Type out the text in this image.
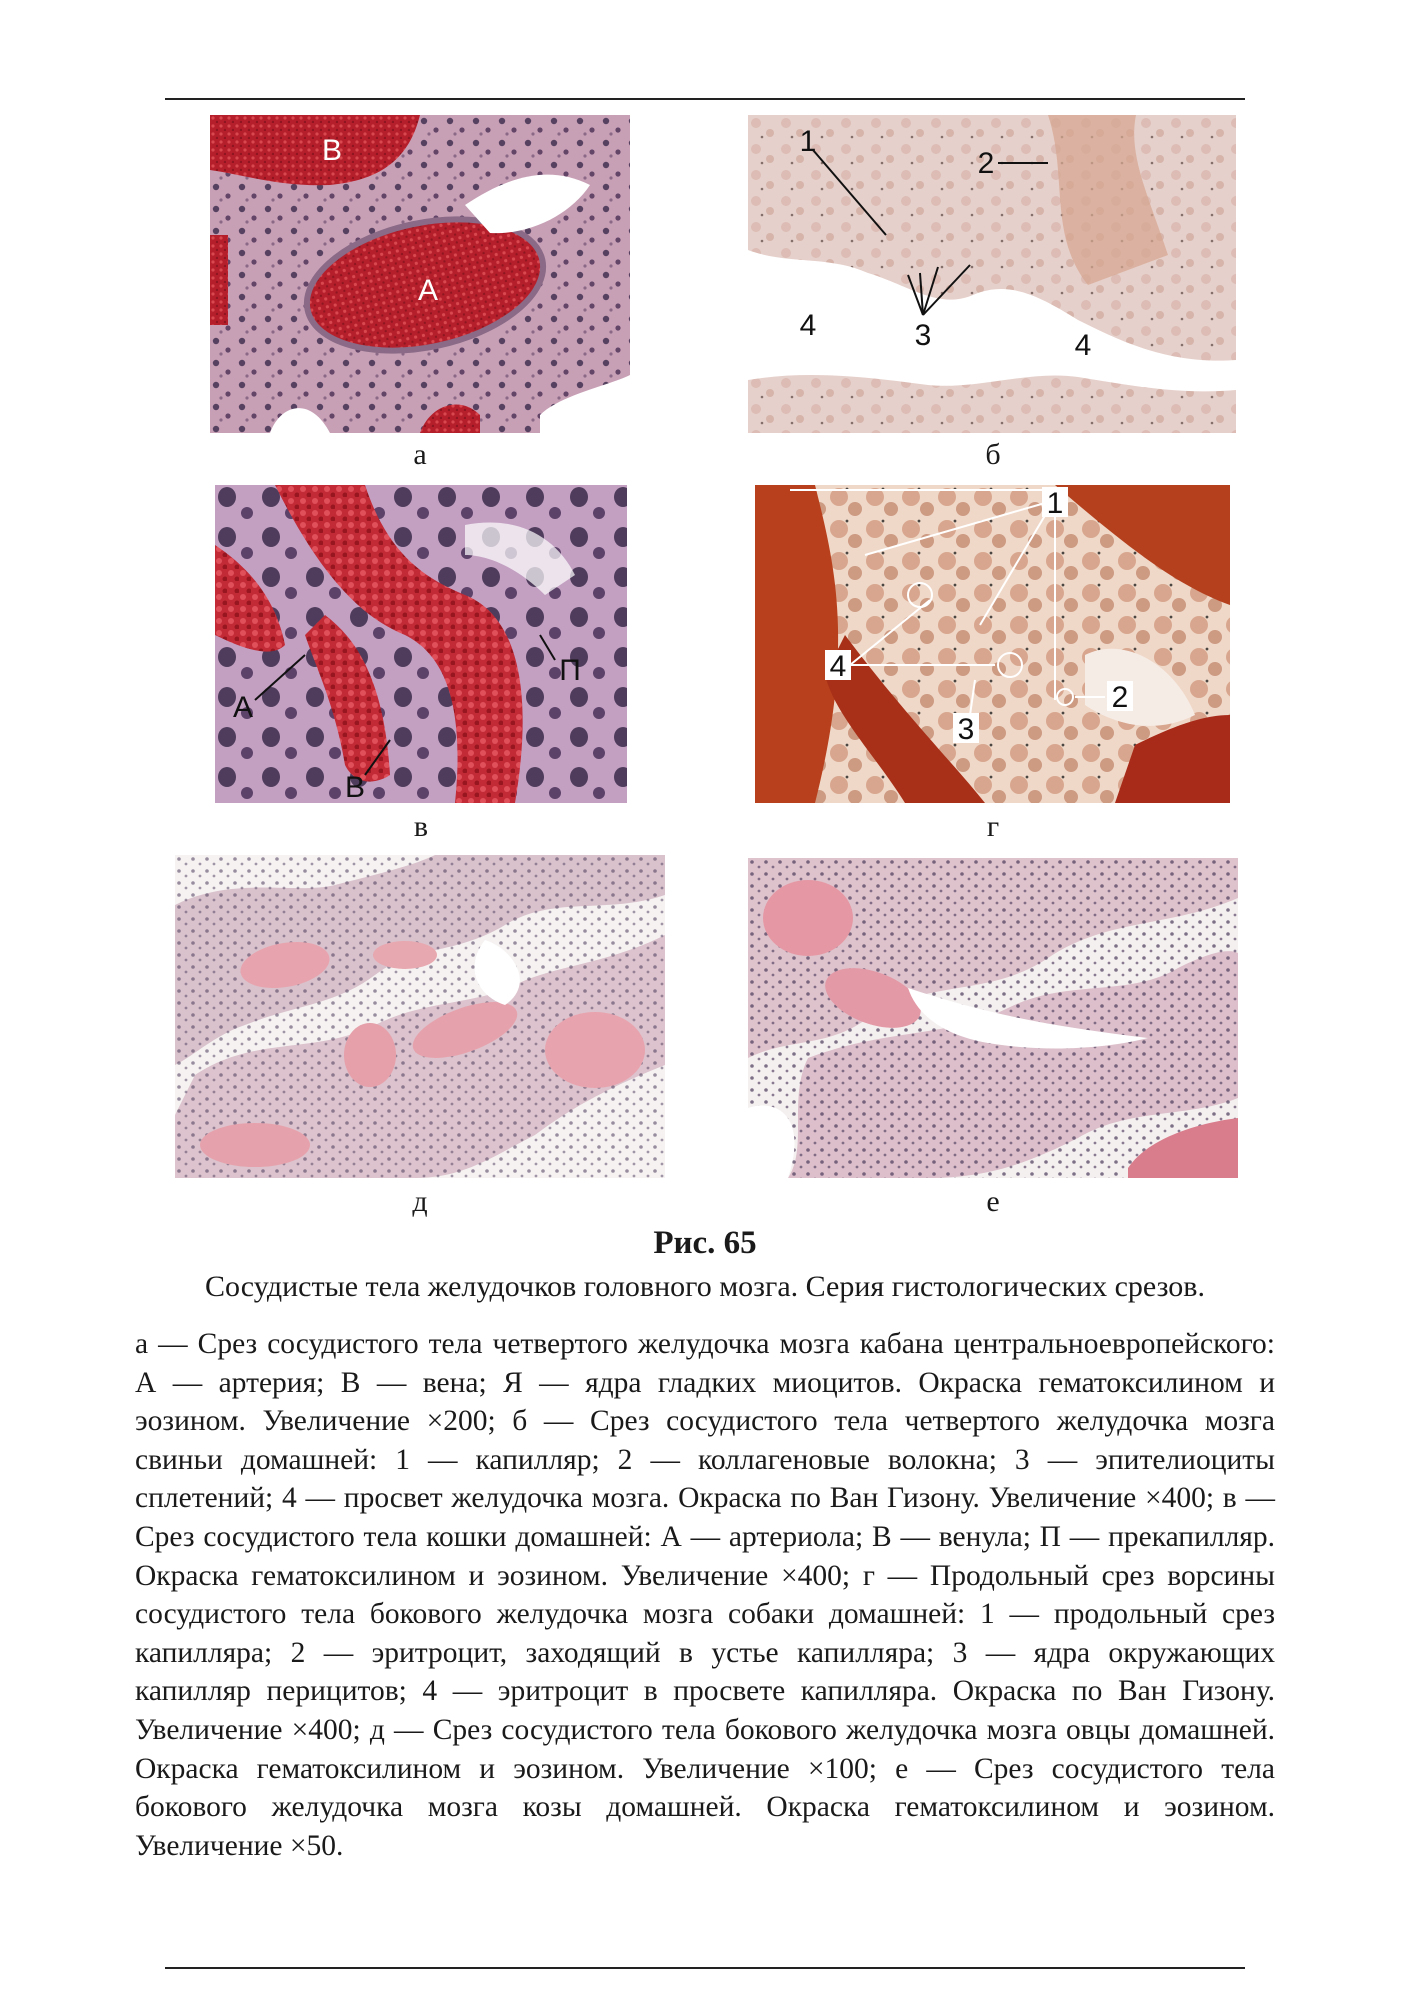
В
А
а
1
2
3
4
4
б
А
В
П
в
1
4
3
2
г
д	е
Рис. 65
Сосудистые тела желудочков головного мозга. Серия гистологических срезов.
а — Срез сосудистого тела четвертого желудочка мозга кабана центральноевропейского: А — артерия; В — вена; Я — ядра гладких миоцитов. Окраска гематоксилином и эозином. Увеличение ×200; б — Срез сосудистого тела четвертого желудочка мозга свиньи домашней: 1 — капилляр; 2 — коллагеновые волокна; 3 — эпителиоциты сплетений; 4 — просвет желудочка мозга. Окраска по Ван Гизону. Увеличение ×400; в — Срез сосудистого тела кошки домашней: А — артериола; В — венула; П — прекапилляр. Окраска гематоксилином и эозином. Увеличение ×400; г — Продольный срез ворсины сосудистого тела бокового желудочка мозга собаки домашней: 1 — продольный срез капилляра; 2 — эритроцит, заходящий в устье капилляра; 3 — ядра окружающих капилляр перицитов; 4 — эритроцит в просвете капилляра. Окраска по Ван Гизону. Увеличение ×400; д — Срез сосудистого тела бокового желудочка мозга овцы домашней. Окраска гематоксилином и эозином. Увеличение ×100; е — Срез сосудистого тела бокового желудочка мозга козы домашней. Окраска гематоксилином и эозином. Увеличение ×50.
